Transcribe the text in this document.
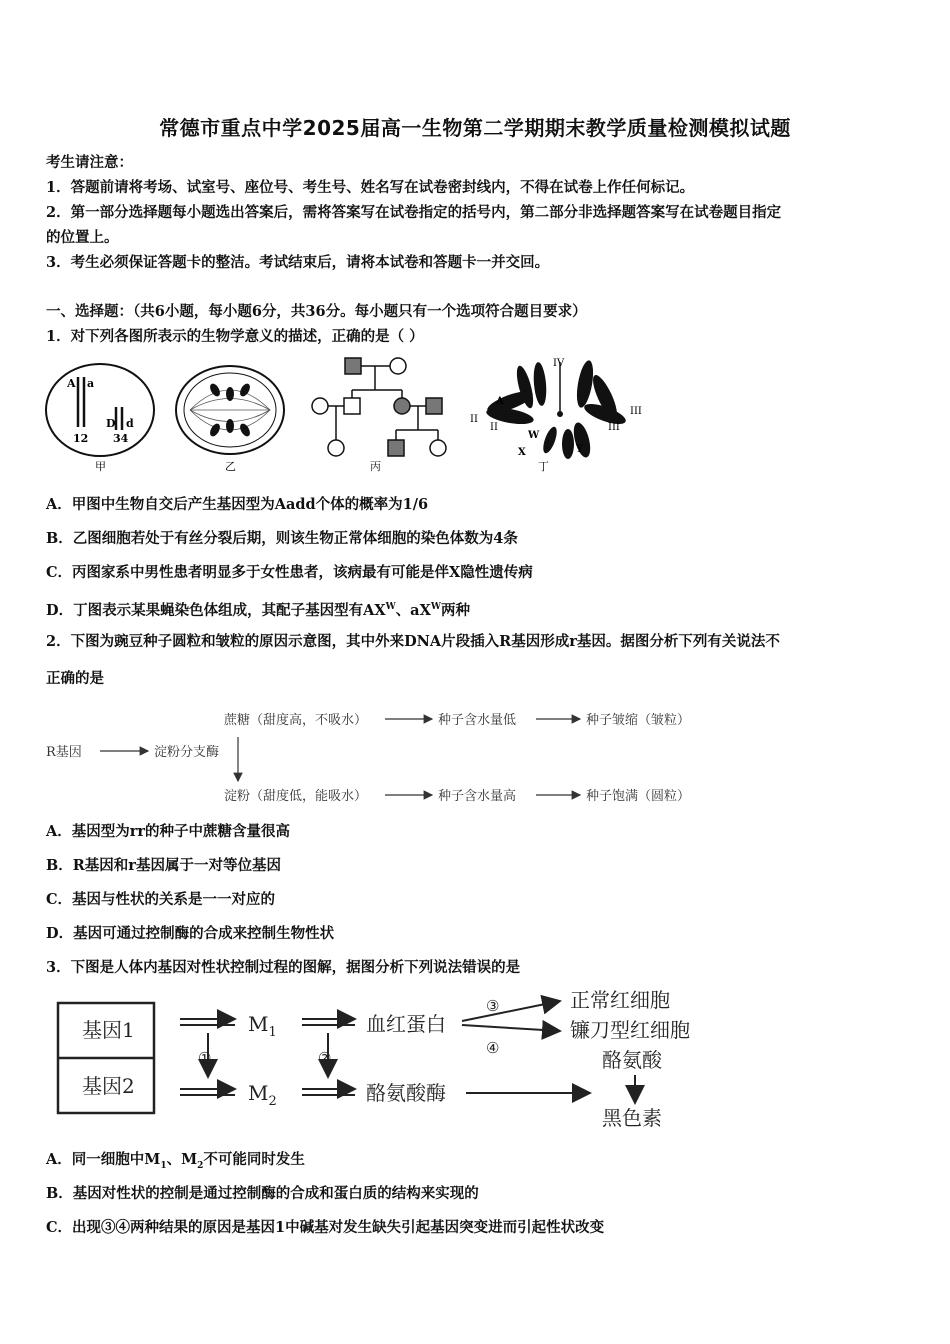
常德市重点中学2025届高一生物第二学期期末教学质量检测模拟试题
考生请注意：
1．答题前请将考场、试室号、座位号、考生号、姓名写在试卷密封线内，不得在试卷上作任何标记。
2．第一部分选择题每小题选出答案后，需将答案写在试卷指定的括号内，第二部分非选择题答案写在试卷题目指定
的位置上。
3．考生必须保证答题卡的整洁。考试结束后，请将本试卷和答题卡一并交回。
一、选择题：（共6小题，每小题6分，共36分。每小题只有一个选项符合题目要求）
1．对下列各图所表示的生物学意义的描述，正确的是（ ）
A a
12
D d
34
甲	乙	丙
IV
A
a
II
II
III
III
W
X	Y
丁
A．甲图中生物自交后产生基因型为Aadd个体的概率为1/6
B．乙图细胞若处于有丝分裂后期，则该生物正常体细胞的染色体数为4条
C．丙图家系中男性患者明显多于女性患者，该病最有可能是伴X隐性遗传病
D．丁图表示某果蝇染色体组成，其配子基因型有$AX^W$、$aX^W$两种
2．下图为豌豆种子圆粒和皱粒的原因示意图，其中外来DNA片段插入R基因形成r基因。据图分析下列有关说法不
正确的是
蔗糖（甜度高，不吸水）	种子含水量低	种子皱缩（皱粒）
R基因	淀粉分支酶
淀粉（甜度低，能吸水）	种子含水量高	种子饱满（圆粒）
A．基因型为rr的种子中蔗糖含量很高
B．R基因和r基因属于一对等位基因
C．基因与性状的关系是一一对应的
D．基因可通过控制酶的合成来控制生物性状
3．下图是人体内基因对性状控制过程的图解，据图分析下列说法错误的是
基因1
基因2
$M_1$
$M_2$
血红蛋白
酪氨酸酶
正常红细胞
镰刀型红细胞
酪氨酸
黑色素
①	②
③
④
A．同一细胞中$M_1$、$M_2$不可能同时发生
B．基因对性状的控制是通过控制酶的合成和蛋白质的结构来实现的
C．出现③④两种结果的原因是基因1中碱基对发生缺失引起基因突变进而引起性状改变
